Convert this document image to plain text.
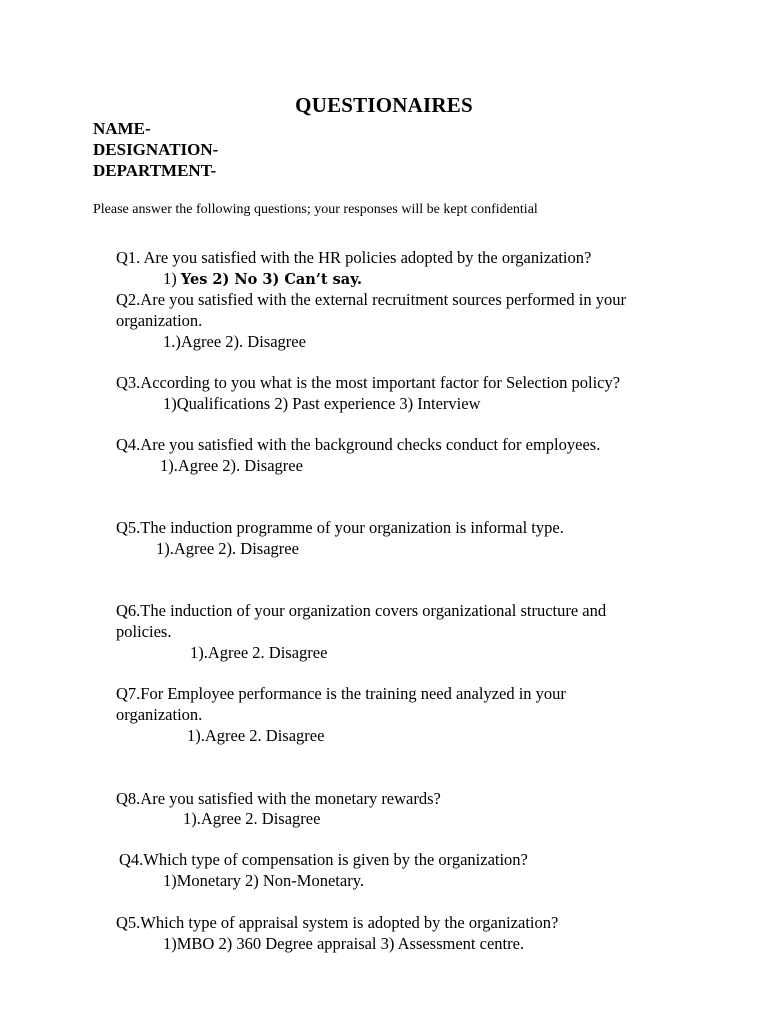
QUESTIONAIRES
NAME-
DESIGNATION-
DEPARTMENT-
Please answer the following questions; your responses will be kept confidential
Q1. Are you satisfied with the HR policies adopted by the organization?
1) Yes 2) No 3) Can’t say.
Q2.Are you satisfied with the external recruitment sources performed in your
organization.
1.)Agree 2). Disagree
Q3.According to you what is the most important factor for Selection policy?
1)Qualifications 2) Past experience 3) Interview
Q4.Are you satisfied with the background checks conduct for employees.
1).Agree 2). Disagree
Q5.The induction programme of your organization is informal type.
1).Agree 2). Disagree
Q6.The induction of your organization covers organizational structure and
policies.
1).Agree 2. Disagree
Q7.For Employee performance is the training need analyzed in your
organization.
1).Agree 2. Disagree
Q8.Are you satisfied with the monetary rewards?
1).Agree 2. Disagree
Q4.Which type of compensation is given by the organization?
1)Monetary 2) Non-Monetary.
Q5.Which type of appraisal system is adopted by the organization?
1)MBO 2) 360 Degree appraisal 3) Assessment centre.
